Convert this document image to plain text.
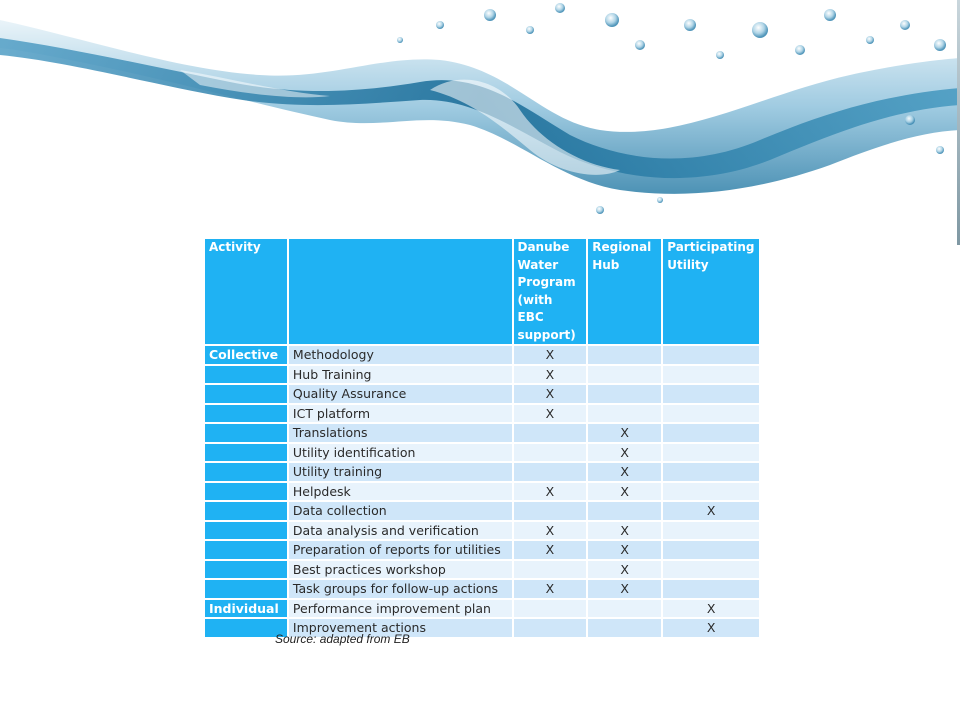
Activity		Danube Water Program (with EBC support)	Regional Hub	Participating Utility
Collective	Methodology	X		
	Hub Training	X		
	Quality Assurance	X		
	ICT platform	X		
	Translations		X	
	Utility identification		X	
	Utility training		X	
	Helpdesk	X	X	
	Data collection			X
	Data analysis and verification	X	X	
	Preparation of reports for utilities	X	X	
	Best practices workshop		X	
	Task groups for follow-up actions	X	X	
Individual	Performance improvement plan			X
	Improvement actions			X
Source: adapted from EB
